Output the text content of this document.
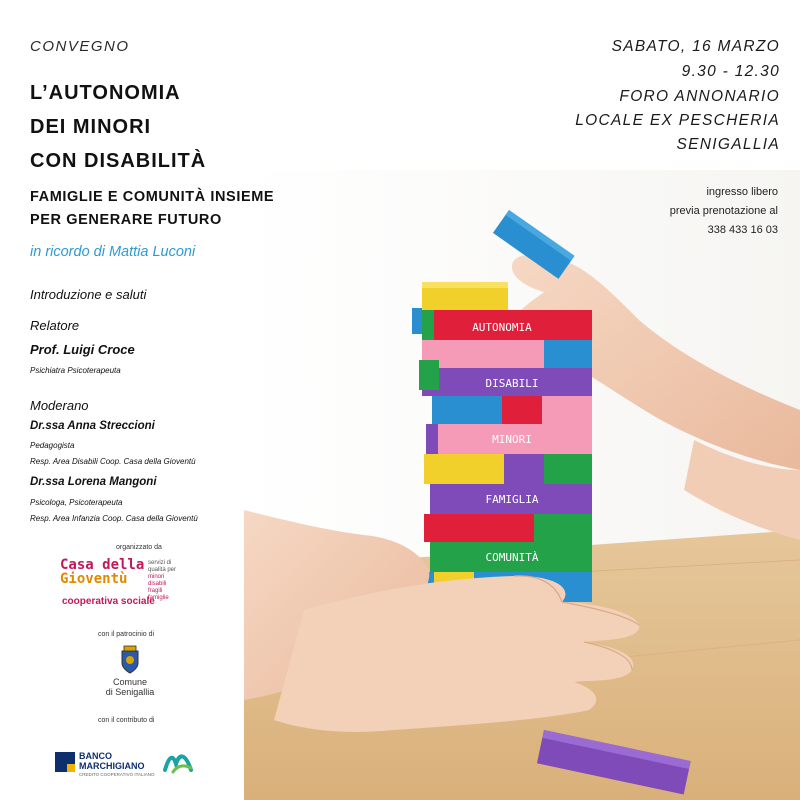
AUTONOMIA
DISABILI
MINORI
FAMIGLIA
COMUNITÀ
CONVEGNO
L’AUTONOMIA
DEI MINORI
CON DISABILITÀ
FAMIGLIE E COMUNITÀ INSIEME
PER GENERARE FUTURO
in ricordo di Mattia Luconi
Introduzione e saluti
Relatore
Prof. Luigi Croce
Psichiatra Psicoterapeuta
Moderano
Dr.ssa Anna Streccioni
Pedagogista
Resp. Area Disabili Coop. Casa della Gioventù
Dr.ssa Lorena Mangoni
Psicologa, Psicoterapeuta
Resp. Area Infanzia Coop. Casa della Gioventù
organizzato da
Casa della
Gioventù
cooperativa sociale
servizi di
qualità per
minori
disabili
fragili
famiglie
con il patrocinio di
Comune
di Senigallia
con il contributo di
BANCO
MARCHIGIANO
CREDITO COOPERATIVO ITALIANO
SABATO, 16 MARZO
9.30 - 12.30
FORO ANNONARIO
LOCALE EX PESCHERIA
SENIGALLIA
ingresso libero
previa prenotazione al
338 433 16 03
